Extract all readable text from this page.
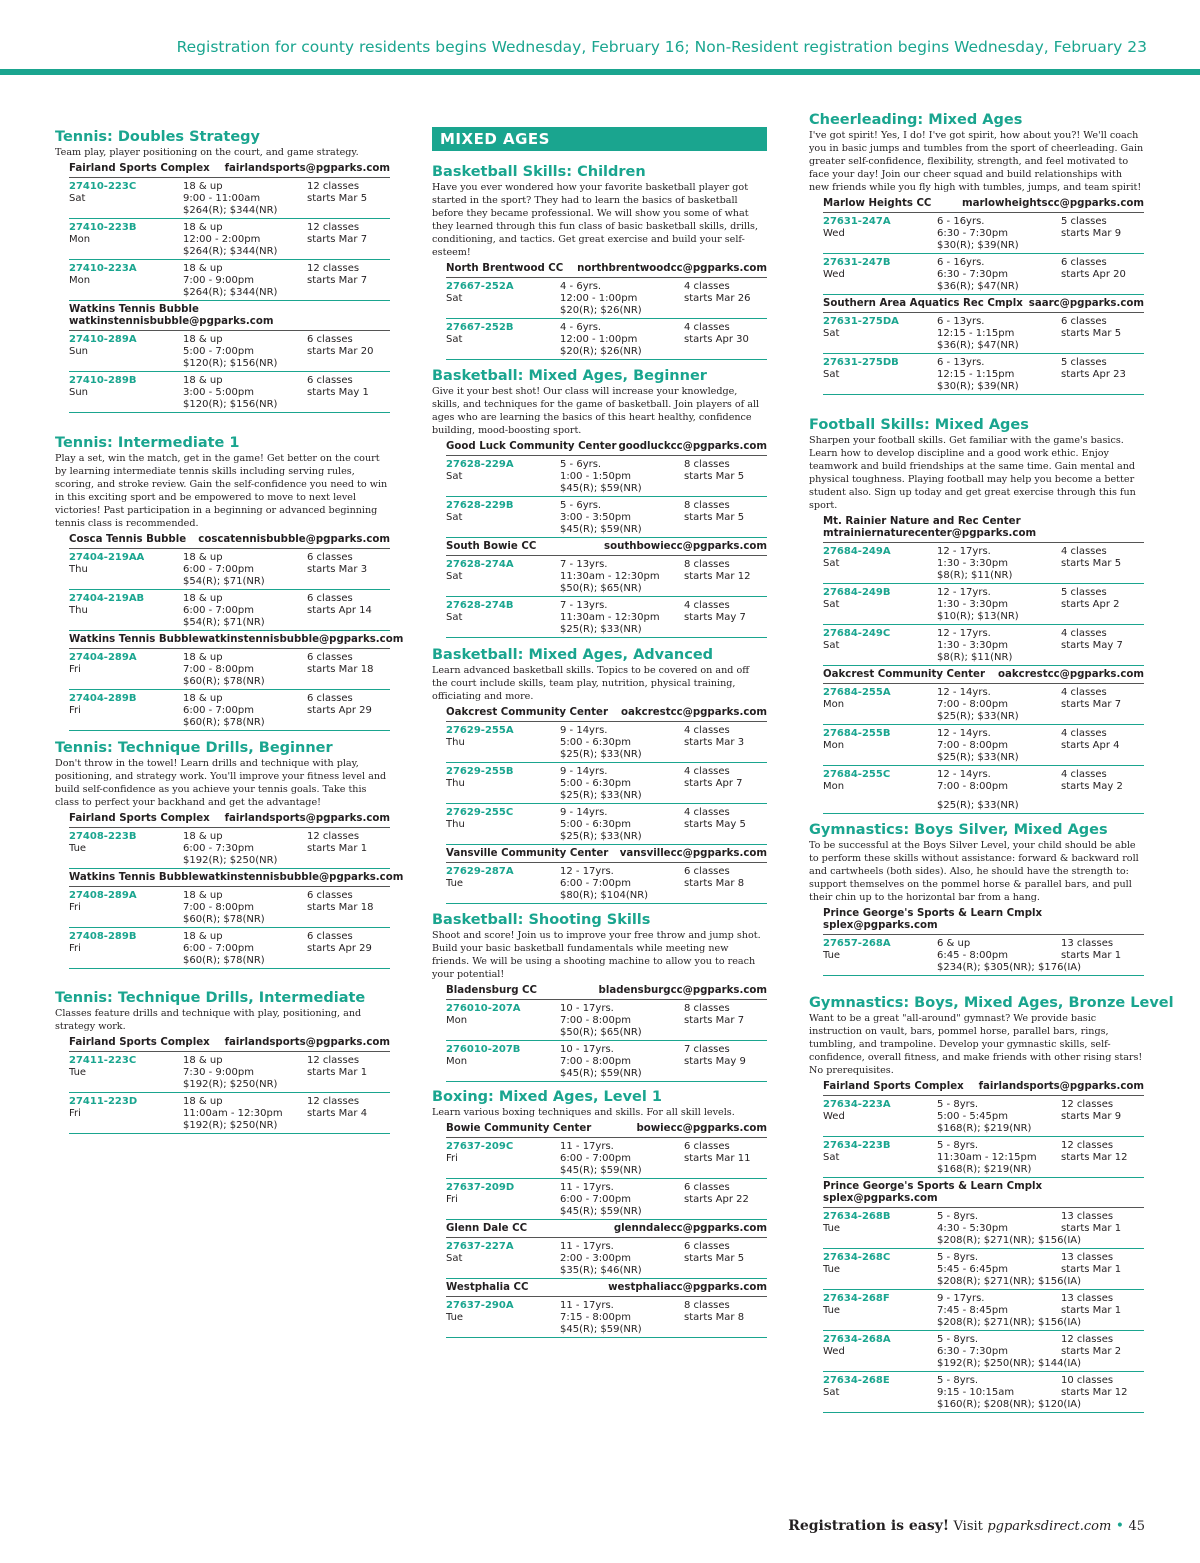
Registration for county residents begins Wednesday, February 16; Non-Resident registration begins Wednesday, February 23
Tennis: Doubles Strategy
Team play, player positioning on the court, and game strategy.
Fairland Sports Complex fairlandsports@pgparks.com
27410-223C
Sat
18 & up
9:00 - 11:00am
$264(R); $344(NR)
12 classes
starts Mar 5
27410-223B
Mon
18 & up
12:00 - 2:00pm
$264(R); $344(NR)
12 classes
starts Mar 7
27410-223A
Mon
18 & up
7:00 - 9:00pm
$264(R); $344(NR)
12 classes
starts Mar 7
Watkins Tennis Bubble
watkinstennisbubble@pgparks.com
27410-289A
Sun
18 & up
5:00 - 7:00pm
$120(R); $156(NR)
6 classes
starts Mar 20
27410-289B
Sun
18 & up
3:00 - 5:00pm
$120(R); $156(NR)
6 classes
starts May 1
Tennis: Intermediate 1
Play a set, win the match, get in the game! Get better on the court by learning intermediate tennis skills including serving rules, scoring, and stroke review. Gain the self-confidence you need to win in this exciting sport and be empowered to move to next level victories! Past participation in a beginning or advanced beginning tennis class is recommended.
Cosca Tennis Bubble coscatennisbubble@pgparks.com
27404-219AA
Thu
18 & up
6:00 - 7:00pm
$54(R); $71(NR)
6 classes
starts Mar 3
27404-219AB
Thu
18 & up
6:00 - 7:00pm
$54(R); $71(NR)
6 classes
starts Apr 14
Watkins Tennis Bubble watkinstennisbubble@pgparks.com
27404-289A
Fri
18 & up
7:00 - 8:00pm
$60(R); $78(NR)
6 classes
starts Mar 18
27404-289B
Fri
18 & up
6:00 - 7:00pm
$60(R); $78(NR)
6 classes
starts Apr 29
Tennis: Technique Drills, Beginner
Don't throw in the towel! Learn drills and technique with play, positioning, and strategy work. You'll improve your fitness level and build self-confidence as you achieve your tennis goals. Take this class to perfect your backhand and get the advantage!
Fairland Sports Complex fairlandsports@pgparks.com
27408-223B
Tue
18 & up
6:00 - 7:30pm
$192(R); $250(NR)
12 classes
starts Mar 1
Watkins Tennis Bubble watkinstennisbubble@pgparks.com
27408-289A
Fri
18 & up
7:00 - 8:00pm
$60(R); $78(NR)
6 classes
starts Mar 18
27408-289B
Fri
18 & up
6:00 - 7:00pm
$60(R); $78(NR)
6 classes
starts Apr 29
Tennis: Technique Drills, Intermediate
Classes feature drills and technique with play, positioning, and strategy work.
Fairland Sports Complex fairlandsports@pgparks.com
27411-223C
Tue
18 & up
7:30 - 9:00pm
$192(R); $250(NR)
12 classes
starts Mar 1
27411-223D
Fri
18 & up
11:00am - 12:30pm
$192(R); $250(NR)
12 classes
starts Mar 4
MIXED AGES
Basketball Skills: Children
Have you ever wondered how your favorite basketball player got started in the sport? They had to learn the basics of basketball before they became professional. We will show you some of what they learned through this fun class of basic basketball skills, drills, conditioning, and tactics. Get great exercise and build your self-esteem!
North Brentwood CC northbrentwoodcc@pgparks.com
27667-252A
Sat
4 - 6yrs.
12:00 - 1:00pm
$20(R); $26(NR)
4 classes
starts Mar 26
27667-252B
Sat
4 - 6yrs.
12:00 - 1:00pm
$20(R); $26(NR)
4 classes
starts Apr 30
Basketball: Mixed Ages, Beginner
Give it your best shot! Our class will increase your knowledge, skills, and techniques for the game of basketball. Join players of all ages who are learning the basics of this heart healthy, confidence building, mood-boosting sport.
Good Luck Community Center goodluckcc@pgparks.com
27628-229A
Sat
5 - 6yrs.
1:00 - 1:50pm
$45(R); $59(NR)
8 classes
starts Mar 5
27628-229B
Sat
5 - 6yrs.
3:00 - 3:50pm
$45(R); $59(NR)
8 classes
starts Mar 5
South Bowie CC	southbowiecc@pgparks.com
27628-274A
Sat
7 - 13yrs.
11:30am - 12:30pm
$50(R); $65(NR)
8 classes
starts Mar 12
27628-274B
Sat
7 - 13yrs.
11:30am - 12:30pm
$25(R); $33(NR)
4 classes
starts May 7
Basketball: Mixed Ages, Advanced
Learn advanced basketball skills. Topics to be covered on and off the court include skills, team play, nutrition, physical training, officiating and more.
Oakcrest Community Center oakcrestcc@pgparks.com
27629-255A
Thu
9 - 14yrs.
5:00 - 6:30pm
$25(R); $33(NR)
4 classes
starts Mar 3
27629-255B
Thu
9 - 14yrs.
5:00 - 6:30pm
$25(R); $33(NR)
4 classes
starts Apr 7
27629-255C
Thu
9 - 14yrs.
5:00 - 6:30pm
$25(R); $33(NR)
4 classes
starts May 5
Vansville Community Center vansvillecc@pgparks.com
27629-287A
Tue
12 - 17yrs.
6:00 - 7:00pm
$80(R); $104(NR)
6 classes
starts Mar 8
Basketball: Shooting Skills
Shoot and score! Join us to improve your free throw and jump shot. Build your basic basketball fundamentals while meeting new friends. We will be using a shooting machine to allow you to reach your potential!
Bladensburg CC	bladensburgcc@pgparks.com
276010-207A
Mon
10 - 17yrs.
7:00 - 8:00pm
$50(R); $65(NR)
8 classes
starts Mar 7
276010-207B
Mon
10 - 17yrs.
7:00 - 8:00pm
$45(R); $59(NR)
7 classes
starts May 9
Boxing: Mixed Ages, Level 1
Learn various boxing techniques and skills. For all skill levels.
Bowie Community Center	bowiecc@pgparks.com
27637-209C
Fri
11 - 17yrs.
6:00 - 7:00pm
$45(R); $59(NR)
6 classes
starts Mar 11
27637-209D
Fri
11 - 17yrs.
6:00 - 7:00pm
$45(R); $59(NR)
6 classes
starts Apr 22
Glenn Dale CC	glenndalecc@pgparks.com
27637-227A
Sat
11 - 17yrs.
2:00 - 3:00pm
$35(R); $46(NR)
6 classes
starts Mar 5
Westphalia CC	westphaliacc@pgparks.com
27637-290A
Tue
11 - 17yrs.
7:15 - 8:00pm
$45(R); $59(NR)
8 classes
starts Mar 8
Cheerleading: Mixed Ages
I've got spirit! Yes, I do! I've got spirit, how about you?! We'll coach you in basic jumps and tumbles from the sport of cheerleading. Gain greater self-confidence, flexibility, strength, and feel motivated to face your day! Join our cheer squad and build relationships with new friends while you fly high with tumbles, jumps, and team spirit!
Marlow Heights CC	marlowheightscc@pgparks.com
27631-247A
Wed
6 - 16yrs.
6:30 - 7:30pm
$30(R); $39(NR)
5 classes
starts Mar 9
27631-247B
Wed
6 - 16yrs.
6:30 - 7:30pm
$36(R); $47(NR)
6 classes
starts Apr 20
Southern Area Aquatics Rec Cmplx saarc@pgparks.com
27631-275DA
Sat
6 - 13yrs.
12:15 - 1:15pm
$36(R); $47(NR)
6 classes
starts Mar 5
27631-275DB
Sat
6 - 13yrs.
12:15 - 1:15pm
$30(R); $39(NR)
5 classes
starts Apr 23
Football Skills: Mixed Ages
Sharpen your football skills. Get familiar with the game's basics. Learn how to develop discipline and a good work ethic. Enjoy teamwork and build friendships at the same time. Gain mental and physical toughness. Playing football may help you become a better student also. Sign up today and get great exercise through this fun sport.
Mt. Rainier Nature and Rec Center
mtrainiernaturecenter@pgparks.com
27684-249A
Sat
12 - 17yrs.
1:30 - 3:30pm
$8(R); $11(NR)
4 classes
starts Mar 5
27684-249B
Sat
12 - 17yrs.
1:30 - 3:30pm
$10(R); $13(NR)
5 classes
starts Apr 2
27684-249C
Sat
12 - 17yrs.
1:30 - 3:30pm
$8(R); $11(NR)
4 classes
starts May 7
Oakcrest Community Center oakcrestcc@pgparks.com
27684-255A
Mon
12 - 14yrs.
7:00 - 8:00pm
$25(R); $33(NR)
4 classes
starts Mar 7
27684-255B
Mon
12 - 14yrs.
7:00 - 8:00pm
$25(R); $33(NR)
4 classes
starts Apr 4
27684-255C
Mon
12 - 14yrs.
7:00 - 8:00pm
$25(R); $33(NR)
4 classes
starts May 2
Gymnastics: Boys Silver, Mixed Ages
To be successful at the Boys Silver Level, your child should be able to perform these skills without assistance: forward & backward roll and cartwheels (both sides). Also, he should have the strength to: support themselves on the pommel horse & parallel bars, and pull their chin up to the horizontal bar from a hang.
Prince George's Sports & Learn Cmplx
splex@pgparks.com
27657-268A
Tue
6 & up
6:45 - 8:00pm
$234(R); $305(NR); $176(IA)
13 classes
starts Mar 1
Gymnastics: Boys, Mixed Ages, Bronze Level
Want to be a great "all-around" gymnast? We provide basic instruction on vault, bars, pommel horse, parallel bars, rings, tumbling, and trampoline. Develop your gymnastic skills, self-confidence, overall fitness, and make friends with other rising stars! No prerequisites.
Fairland Sports Complex fairlandsports@pgparks.com
27634-223A
Wed
5 - 8yrs.
5:00 - 5:45pm
$168(R); $219(NR)
12 classes
starts Mar 9
27634-223B
Sat
5 - 8yrs.
11:30am - 12:15pm
$168(R); $219(NR)
12 classes
starts Mar 12
Prince George's Sports & Learn Cmplx
splex@pgparks.com
27634-268B
Tue
5 - 8yrs.
4:30 - 5:30pm
$208(R); $271(NR); $156(IA)
13 classes
starts Mar 1
27634-268C
Tue
5 - 8yrs.
5:45 - 6:45pm
$208(R); $271(NR); $156(IA)
13 classes
starts Mar 1
27634-268F
Tue
9 - 17yrs.
7:45 - 8:45pm
$208(R); $271(NR); $156(IA)
13 classes
starts Mar 1
27634-268A
Wed
5 - 8yrs.
6:30 - 7:30pm
$192(R); $250(NR); $144(IA)
12 classes
starts Mar 2
27634-268E
Sat
5 - 8yrs.
9:15 - 10:15am
$160(R); $208(NR); $120(IA)
10 classes
starts Mar 12
Registration is easy! Visit pgparksdirect.com • 45
